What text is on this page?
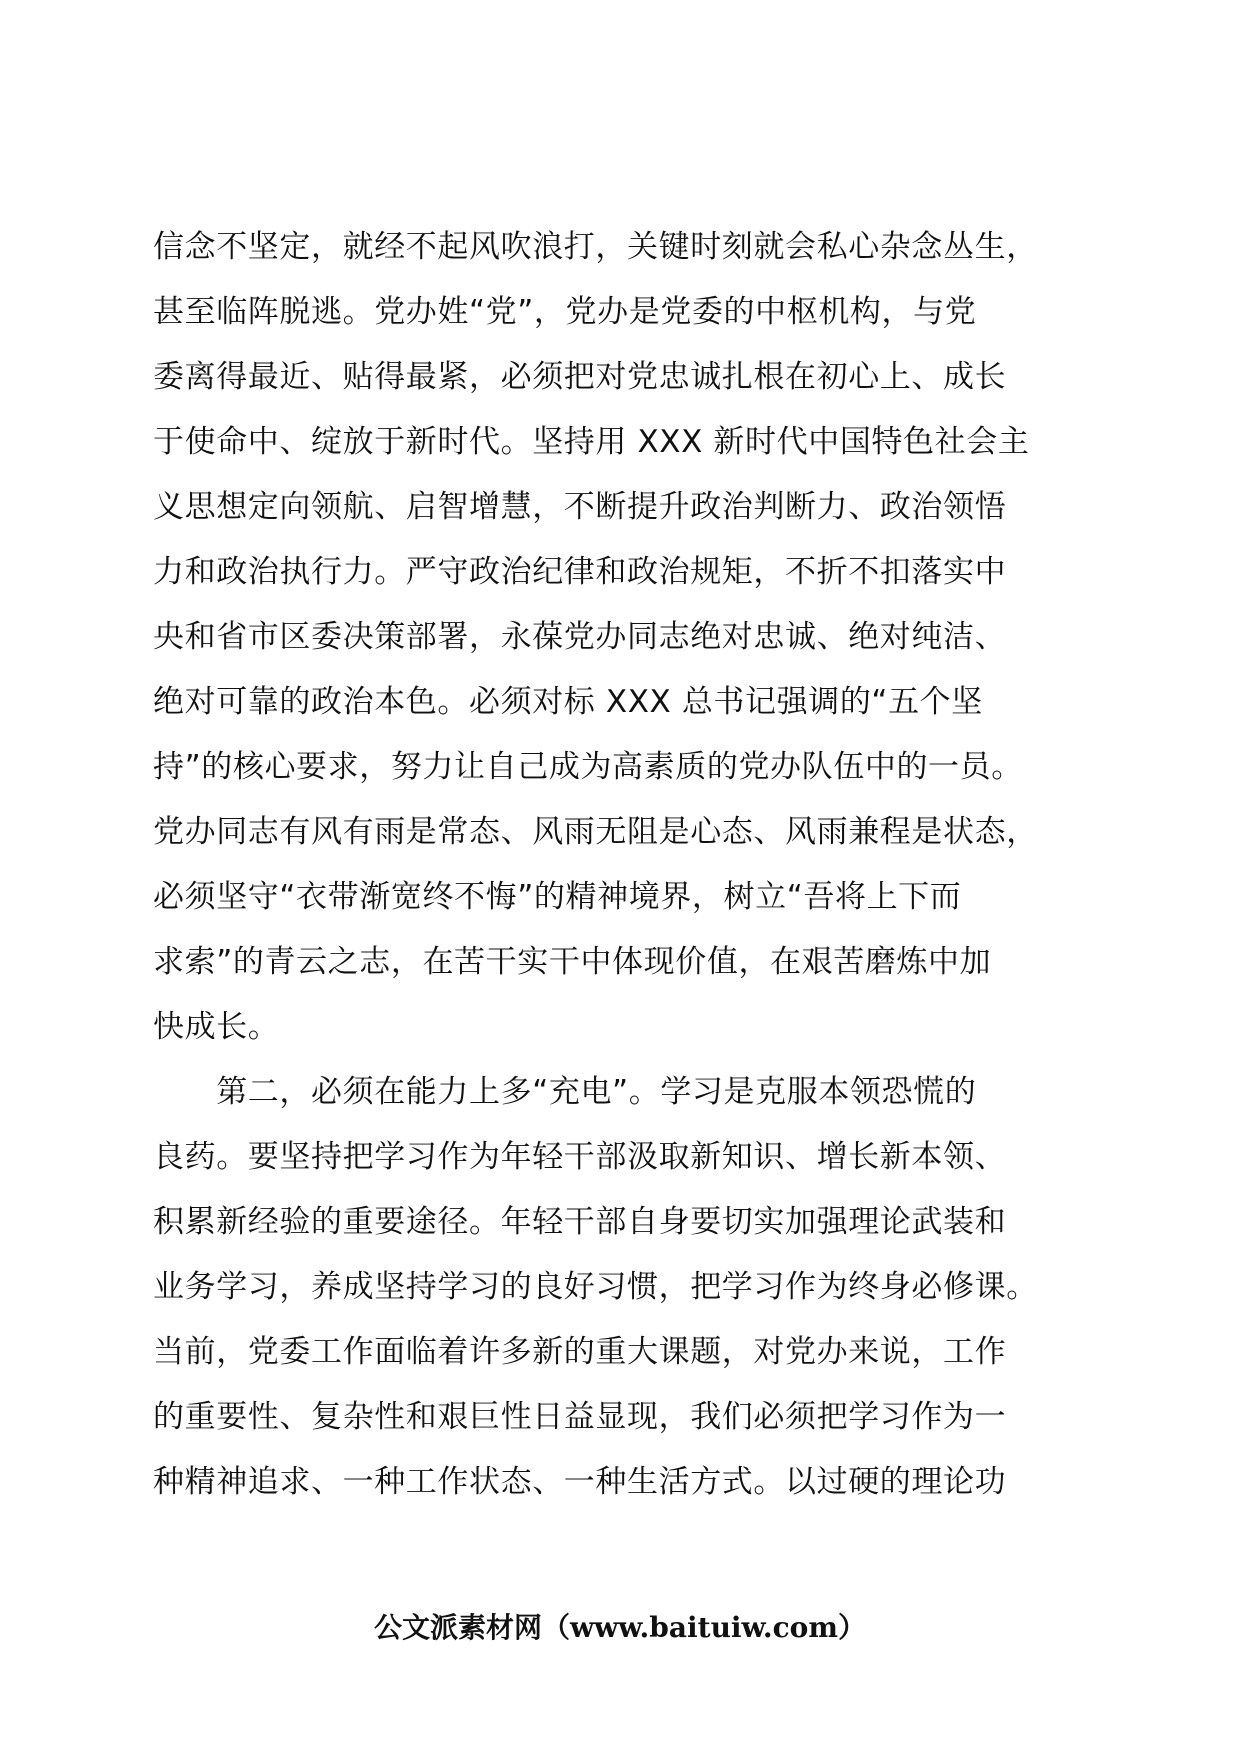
信念不坚定，就经不起风吹浪打，关键时刻就会私心杂念丛生，
甚至临阵脱逃。党办姓“党”，党办是党委的中枢机构，与党
委离得最近、贴得最紧，必须把对党忠诚扎根在初心上、成长
于使命中、绽放于新时代。坚持用 XXX 新时代中国特色社会主
义思想定向领航、启智增慧，不断提升政治判断力、政治领悟
力和政治执行力。严守政治纪律和政治规矩，不折不扣落实中
央和省市区委决策部署，永葆党办同志绝对忠诚、绝对纯洁、
绝对可靠的政治本色。必须对标 XXX 总书记强调的“五个坚
持”的核心要求，努力让自己成为高素质的党办队伍中的一员。
党办同志有风有雨是常态、风雨无阻是心态、风雨兼程是状态，
必须坚守“衣带渐宽终不悔”的精神境界，树立“吾将上下而
求索”的青云之志，在苦干实干中体现价值，在艰苦磨炼中加
快成长。
　　第二，必须在能力上多“充电”。学习是克服本领恐慌的
良药。要坚持把学习作为年轻干部汲取新知识、增长新本领、
积累新经验的重要途径。年轻干部自身要切实加强理论武装和
业务学习，养成坚持学习的良好习惯，把学习作为终身必修课。
当前，党委工作面临着许多新的重大课题，对党办来说，工作
的重要性、复杂性和艰巨性日益显现，我们必须把学习作为一
种精神追求、一种工作状态、一种生活方式。以过硬的理论功
公文派素材网（www.baituiw.com）
